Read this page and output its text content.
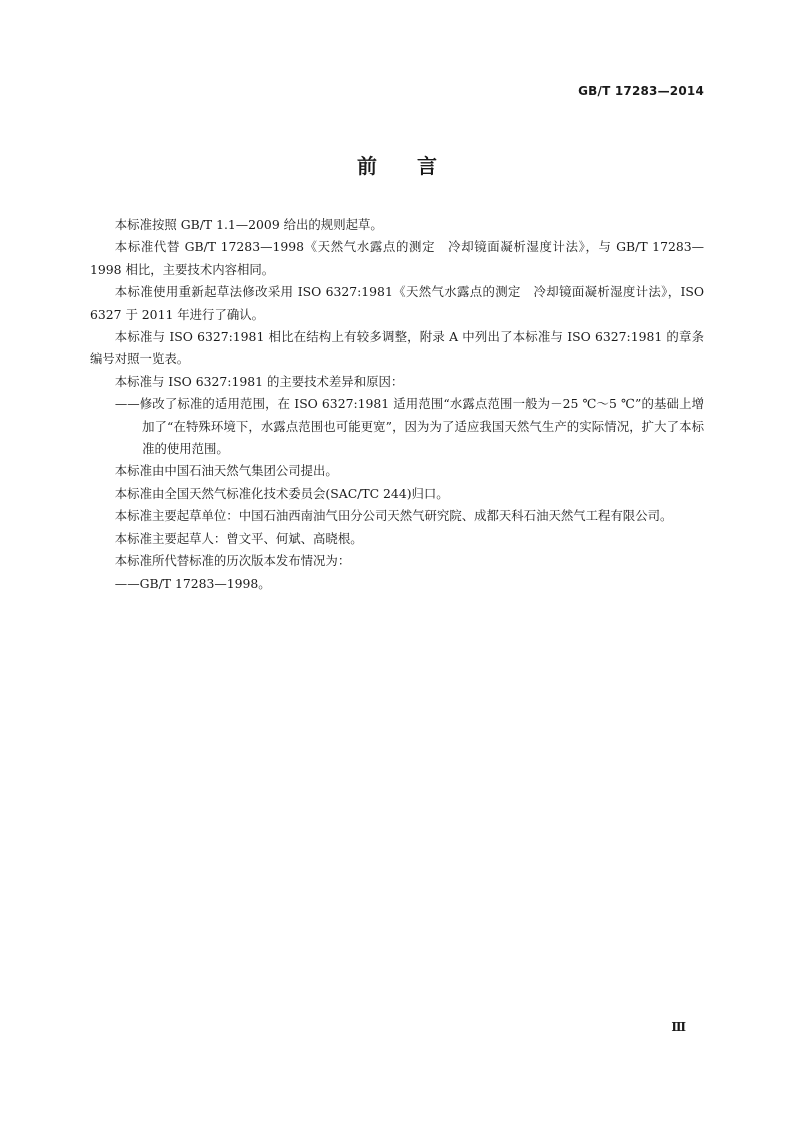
GB/T 17283—2014
前言

本标准按照 GB/T 1.1—2009 给出的规则起草。

本标准代替 GB/T 17283—1998《天然气水露点的测定　冷却镜面凝析湿度计法》，与 GB/T 17283—1998 相比，主要技术内容相同。

本标准使用重新起草法修改采用 ISO 6327:1981《天然气水露点的测定　冷却镜面凝析湿度计法》，ISO 6327 于 2011 年进行了确认。

本标准与 ISO 6327:1981 相比在结构上有较多调整，附录 A 中列出了本标准与 ISO 6327:1981 的章条编号对照一览表。

本标准与 ISO 6327:1981 的主要技术差异和原因：

——修改了标准的适用范围，在 ISO 6327:1981 适用范围“水露点范围一般为－25 ℃～5 ℃”的基础上增加了“在特殊环境下，水露点范围也可能更宽”，因为为了适应我国天然气生产的实际情况，扩大了本标准的使用范围。

本标准由中国石油天然气集团公司提出。

本标准由全国天然气标准化技术委员会(SAC/TC 244)归口。

本标准主要起草单位：中国石油西南油气田分公司天然气研究院、成都天科石油天然气工程有限公司。

本标准主要起草人：曾文平、何斌、高晓根。

本标准所代替标准的历次版本发布情况为：

——GB/T 17283—1998。

Ⅲ
